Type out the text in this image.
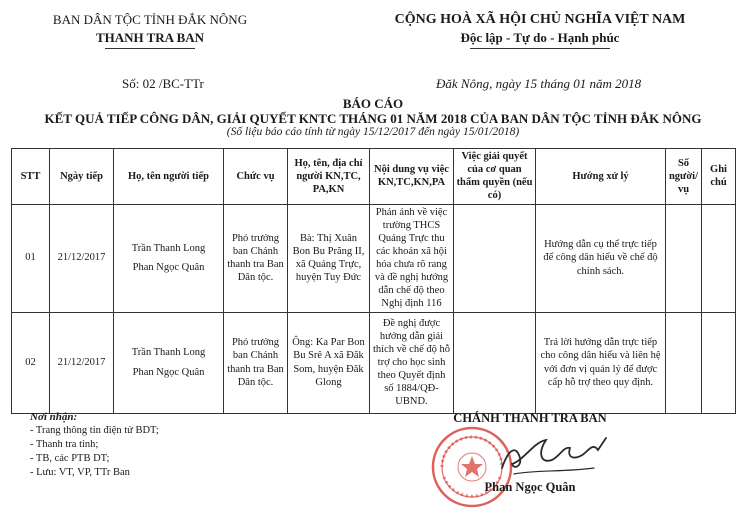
BAN DÂN TỘC TỈNH ĐẮK NÔNG
THANH TRA BAN
CỘNG HOÀ XÃ HỘI CHỦ NGHĨA VIỆT NAM
Độc lập - Tự do - Hạnh phúc
Số: 02 /BC-TTr	Đăk Nông, ngày 15 tháng 01 năm 2018
BÁO CÁO
KẾT QUẢ TIẾP CÔNG DÂN, GIẢI QUYẾT KNTC THÁNG 01 NĂM 2018 CỦA BAN DÂN TỘC TỈNH ĐẮK NÔNG
(Số liệu báo cáo tính từ ngày 15/12/2017 đến ngày 15/01/2018)
STT	Ngày tiếp	Họ, tên người tiếp	Chức vụ	Họ, tên, địa chỉ người KN,TC, PA,KN	Nội dung vụ việc KN,TC,KN,PA	Việc giải quyết của cơ quan thẩm quyền (nếu có)	Hướng xử lý	Số người/ vụ	Ghi chú
01	21/12/2017	Trần Thanh Long
Phan Ngọc Quân	Phó trưởng ban Chánh thanh tra Ban Dân tộc.	Bà: Thị Xuân Bon Bu Prăng II, xã Quảng Trực, huyện Tuy Đức	Phản ánh về việc trường THCS Quảng Trực thu các khoản xã hội hóa chưa rõ rang và đề nghị hướng dẫn chế độ theo Nghị định 116		Hướng dẫn cụ thể trực tiếp để công dân hiểu về chế độ chính sách.		
02	21/12/2017	Trần Thanh Long
Phan Ngọc Quân	Phó trưởng ban Chánh thanh tra Ban Dân tộc.	Ông: Ka Par Bon Bu Srê A xã Đăk Som, huyện Đăk Glong	Đề nghị được hướng dẫn giải thích về chế độ hỗ trợ cho học sinh theo Quyết định số 1884/QĐ-UBND.		Trả lời hướng dẫn trực tiếp cho công dân hiểu và liên hệ với đơn vị quản lý để được cấp hỗ trợ theo quy định.		
Nơi nhận:
- Trang thông tin điện tử BDT;
- Thanh tra tỉnh;
- TB, các PTB DT;
- Lưu: VT, VP, TTr Ban
CHÁNH THANH TRA BAN
Phan Ngọc Quân
